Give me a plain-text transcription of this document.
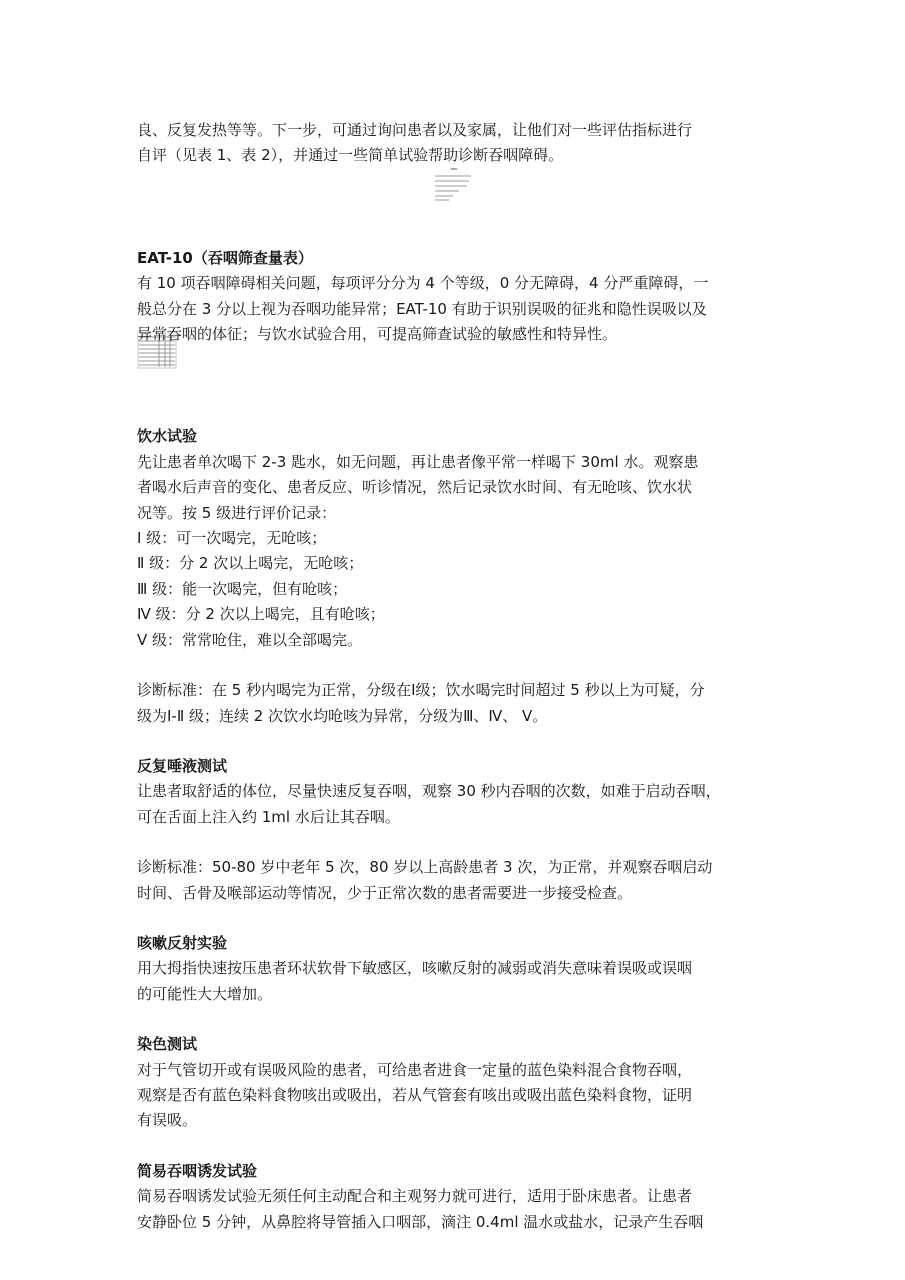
良、反复发热等等。下一步，可通过询问患者以及家属，让他们对一些评估指标进行

自评（见表 1、表 2），并通过一些简单试验帮助诊断吞咽障碍。

EAT-10（吞咽筛查量表）

有 10 项吞咽障碍相关问题，每项评分分为 4 个等级，0 分无障碍，4 分严重障碍，一

般总分在 3 分以上视为吞咽功能异常；EAT-10 有助于识别误吸的征兆和隐性误吸以及

异常吞咽的体征；与饮水试验合用，可提高筛查试验的敏感性和特异性。

饮水试验

先让患者单次喝下 2-3 匙水，如无问题，再让患者像平常一样喝下 30ml 水。观察患

者喝水后声音的变化、患者反应、听诊情况，然后记录饮水时间、有无呛咳、饮水状

况等。按 5 级进行评价记录：

Ⅰ 级：可一次喝完，无呛咳；

Ⅱ 级：分 2 次以上喝完，无呛咳；

Ⅲ 级：能一次喝完，但有呛咳；

Ⅳ 级：分 2 次以上喝完，且有呛咳；

Ⅴ 级：常常呛住，难以全部喝完。

诊断标准：在 5 秒内喝完为正常，分级在Ⅰ级；饮水喝完时间超过 5 秒以上为可疑，分

级为Ⅰ-Ⅱ 级；连续 2 次饮水均呛咳为异常，分级为Ⅲ、Ⅳ、 Ⅴ。

反复唾液测试

让患者取舒适的体位，尽量快速反复吞咽，观察 30 秒内吞咽的次数，如难于启动吞咽，

可在舌面上注入约 1ml 水后让其吞咽。

诊断标准：50-80 岁中老年 5 次，80 岁以上高龄患者 3 次，为正常，并观察吞咽启动

时间、舌骨及喉部运动等情况，少于正常次数的患者需要进一步接受检查。

咳嗽反射实验

用大拇指快速按压患者环状软骨下敏感区，咳嗽反射的减弱或消失意味着误吸或误咽

的可能性大大增加。

染色测试

对于气管切开或有误吸风险的患者，可给患者进食一定量的蓝色染料混合食物吞咽，

观察是否有蓝色染料食物咳出或吸出，若从气管套有咳出或吸出蓝色染料食物，证明

有误吸。

简易吞咽诱发试验

简易吞咽诱发试验无须任何主动配合和主观努力就可进行，适用于卧床患者。让患者

安静卧位 5 分钟，从鼻腔将导管插入口咽部，滴注 0.4ml 温水或盐水，记录产生吞咽
